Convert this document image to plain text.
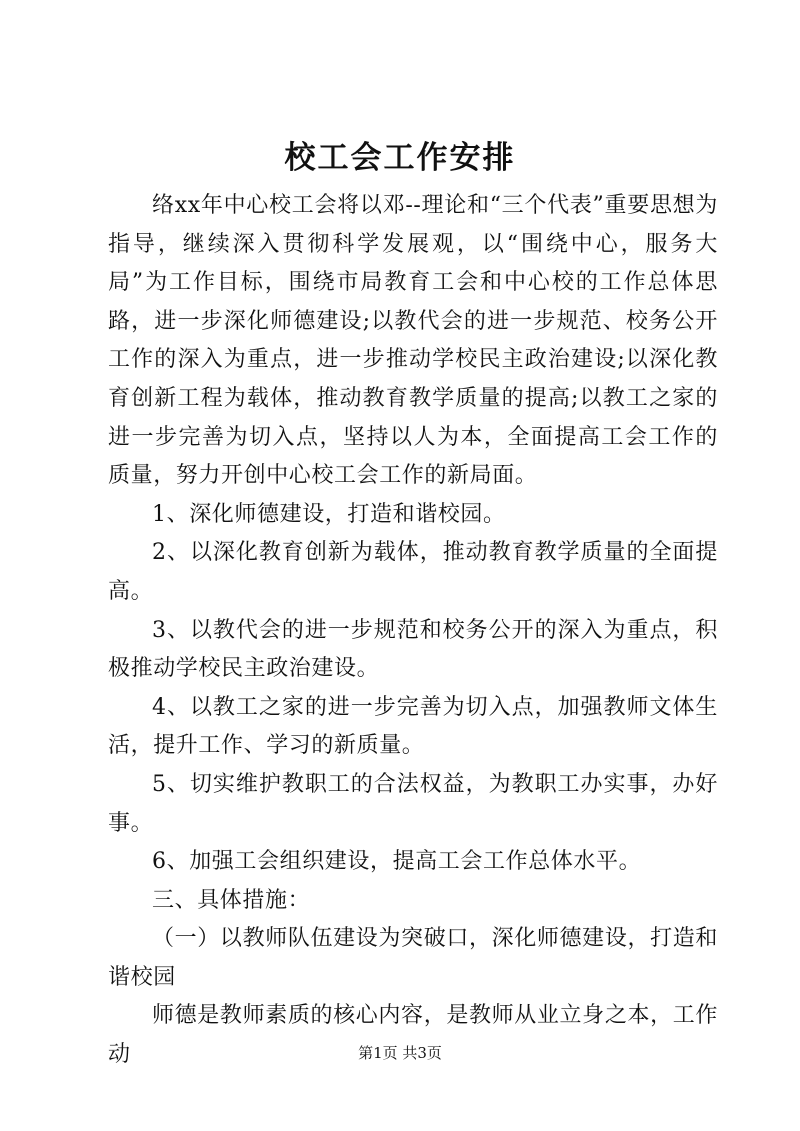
校工会工作安排

络xx年中心校工会将以邓--理论和“三个代表”重要思想为指导，继续深入贯彻科学发展观，以“围绕中心，服务大局”为工作目标，围绕市局教育工会和中心校的工作总体思路，进一步深化师德建设;以教代会的进一步规范、校务公开工作的深入为重点，进一步推动学校民主政治建设;以深化教育创新工程为载体，推动教育教学质量的提高;以教工之家的进一步完善为切入点，坚持以人为本，全面提高工会工作的质量，努力开创中心校工会工作的新局面。

1、深化师德建设，打造和谐校园。

2、以深化教育创新为载体，推动教育教学质量的全面提高。

3、以教代会的进一步规范和校务公开的深入为重点，积极推动学校民主政治建设。

4、以教工之家的进一步完善为切入点，加强教师文体生活，提升工作、学习的新质量。

5、切实维护教职工的合法权益，为教职工办实事，办好事。

6、加强工会组织建设，提高工会工作总体水平。

三、具体措施：

（一）以教师队伍建设为突破口，深化师德建设，打造和谐校园

师德是教师素质的核心内容，是教师从业立身之本，工作动	第1页 共3页
